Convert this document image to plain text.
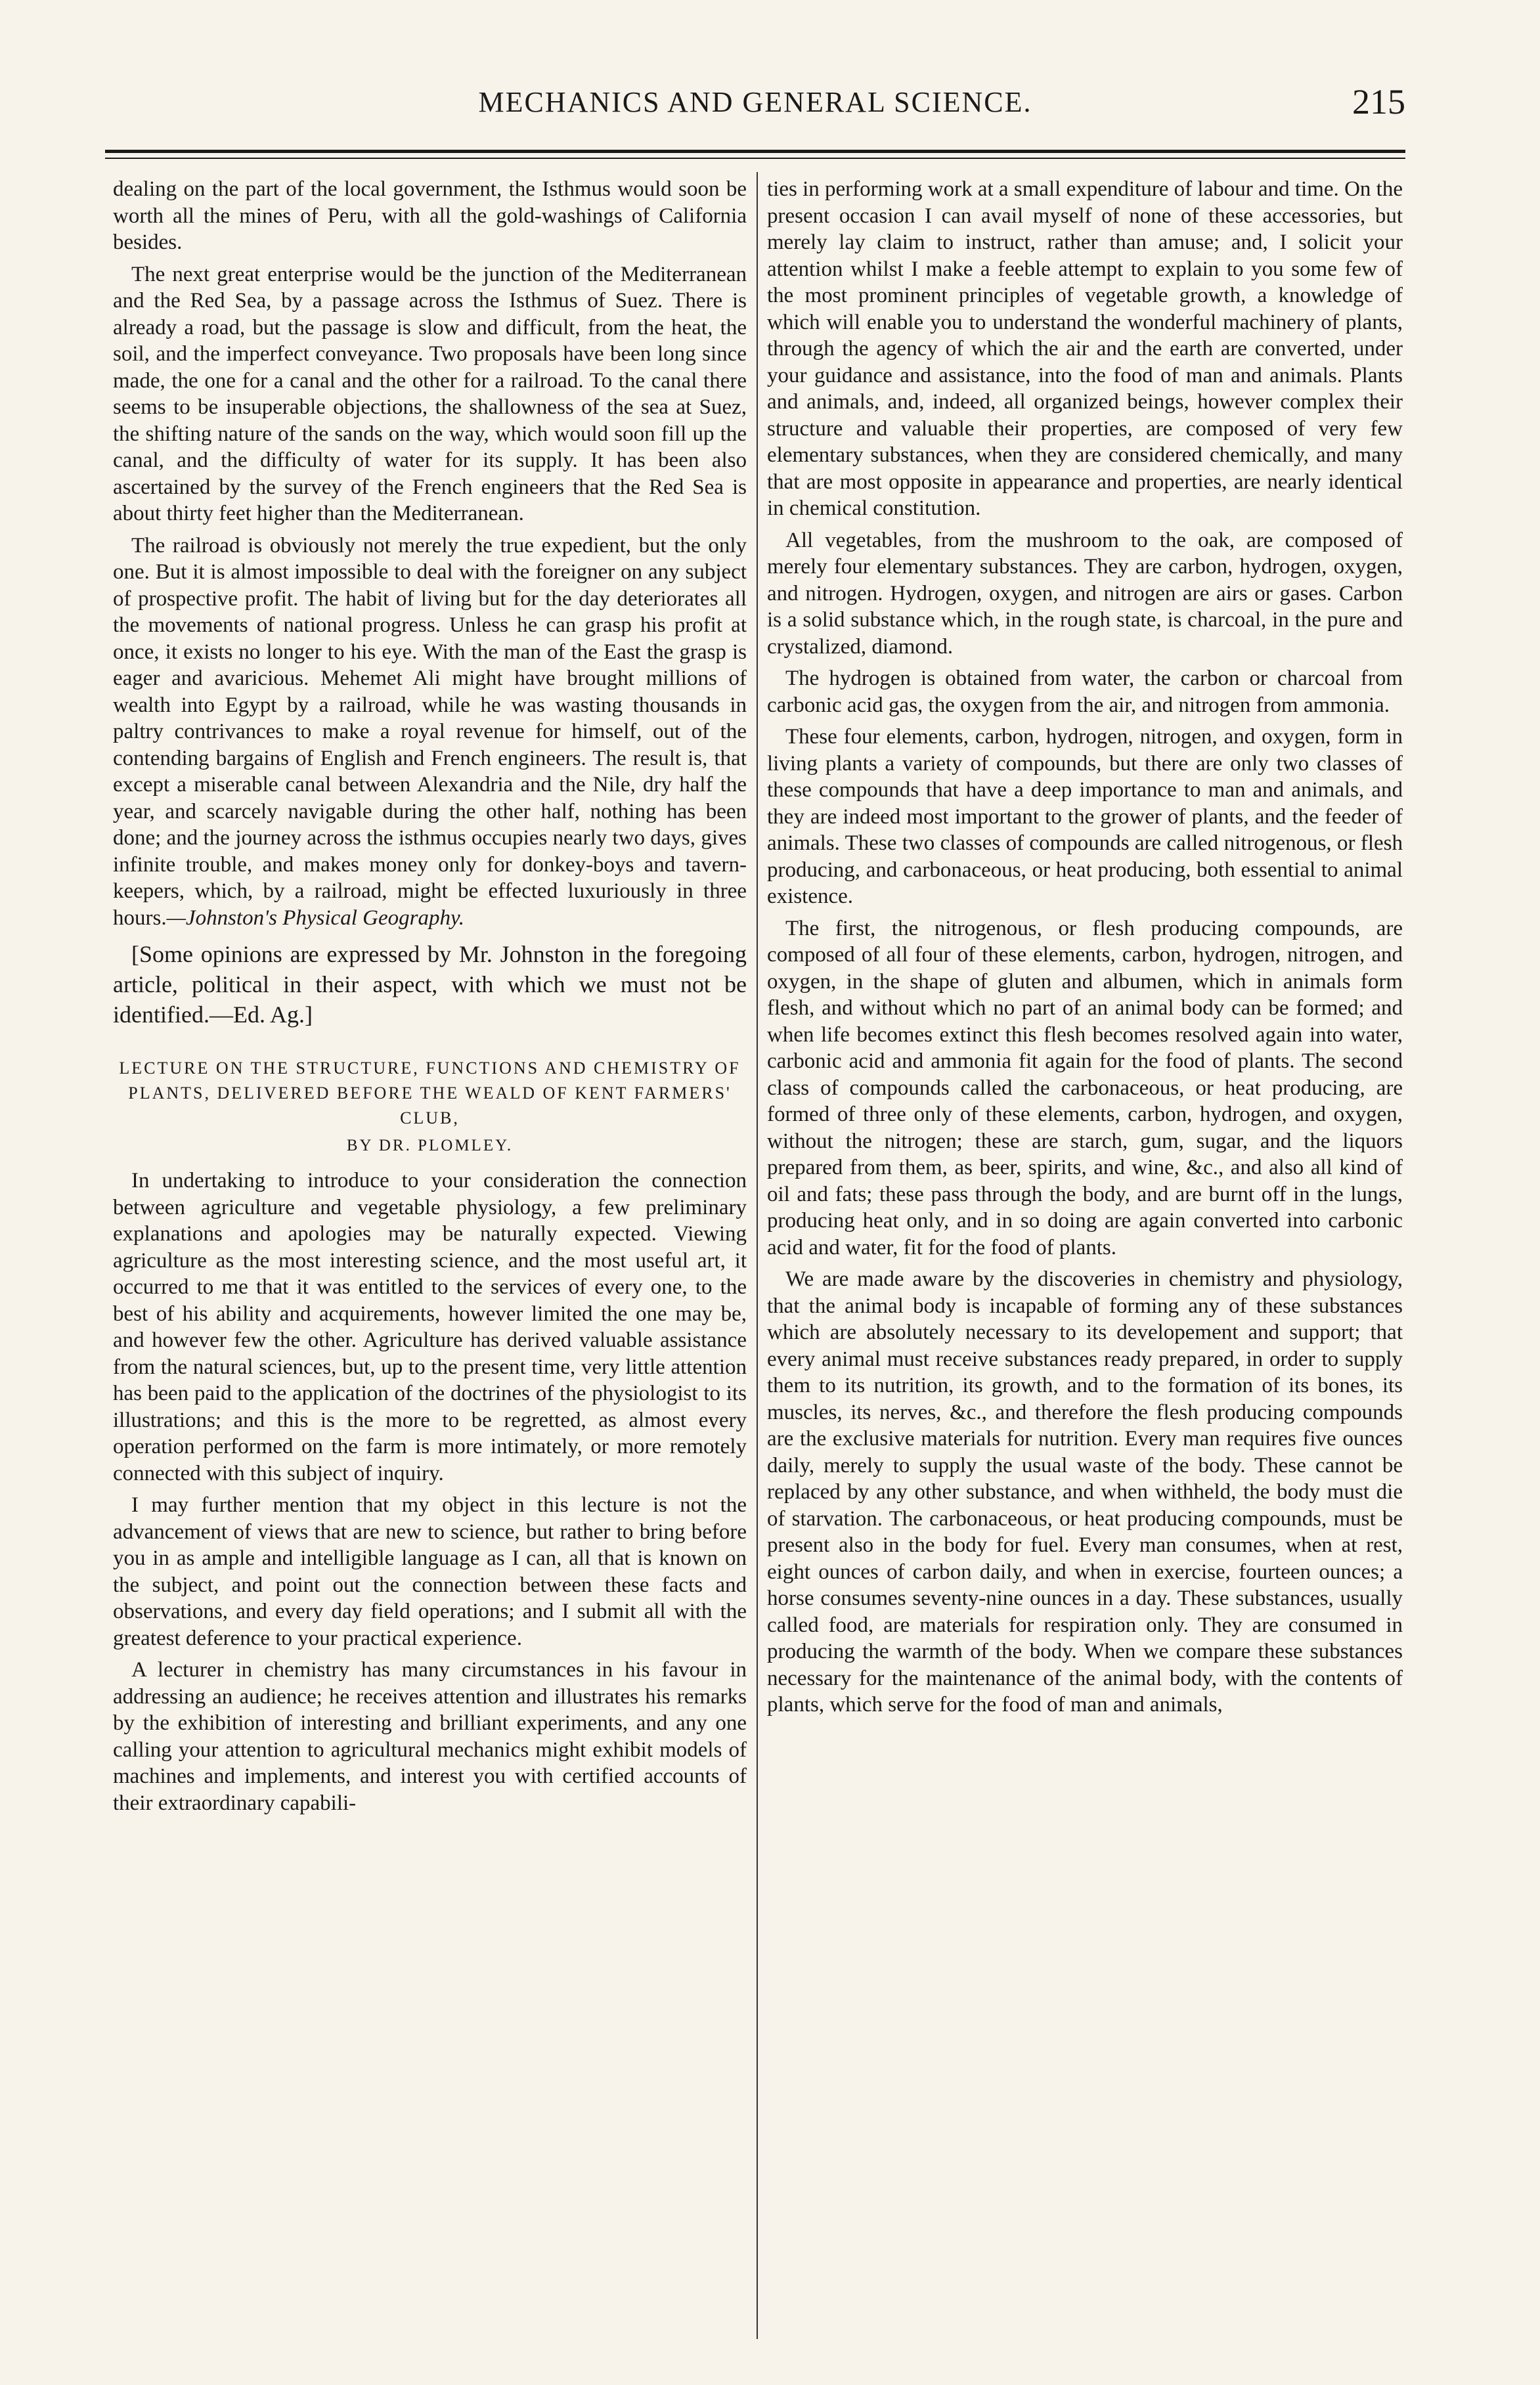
MECHANICS AND GENERAL SCIENCE.	215

dealing on the part of the local government, the Isthmus would soon be worth all the mines of Peru, with all the gold-washings of California besides.

The next great enterprise would be the junction of the Mediterranean and the Red Sea, by a passage across the Isthmus of Suez. There is already a road, but the passage is slow and difficult, from the heat, the soil, and the imperfect conveyance. Two proposals have been long since made, the one for a canal and the other for a railroad. To the canal there seems to be insuperable objections, the shallowness of the sea at Suez, the shifting nature of the sands on the way, which would soon fill up the canal, and the difficulty of water for its supply. It has been also ascertained by the survey of the French engineers that the Red Sea is about thirty feet higher than the Mediterranean.

The railroad is obviously not merely the true expedient, but the only one. But it is almost impossible to deal with the foreigner on any subject of prospective profit. The habit of living but for the day deteriorates all the movements of national progress. Unless he can grasp his profit at once, it exists no longer to his eye. With the man of the East the grasp is eager and avaricious. Mehemet Ali might have brought millions of wealth into Egypt by a railroad, while he was wasting thousands in paltry contrivances to make a royal revenue for himself, out of the contending bargains of English and French engineers. The result is, that except a miserable canal between Alexandria and the Nile, dry half the year, and scarcely navigable during the other half, nothing has been done; and the journey across the isthmus occupies nearly two days, gives infinite trouble, and makes money only for donkey-boys and tavern-keepers, which, by a railroad, might be effected luxuriously in three hours.—Johnston's Physical Geography.

[Some opinions are expressed by Mr. Johnston in the foregoing article, political in their aspect, with which we must not be identified.—Ed. Ag.]

LECTURE ON THE STRUCTURE, FUNCTIONS AND CHEMISTRY OF PLANTS, DELIVERED BEFORE THE WEALD OF KENT FARMERS' CLUB,
BY DR. PLOMLEY.

In undertaking to introduce to your consideration the connection between agriculture and vegetable physiology, a few preliminary explanations and apologies may be naturally expected. Viewing agriculture as the most interesting science, and the most useful art, it occurred to me that it was entitled to the services of every one, to the best of his ability and acquirements, however limited the one may be, and however few the other. Agriculture has derived valuable assistance from the natural sciences, but, up to the present time, very little attention has been paid to the application of the doctrines of the physiologist to its illustrations; and this is the more to be regretted, as almost every operation performed on the farm is more intimately, or more remotely connected with this subject of inquiry.

I may further mention that my object in this lecture is not the advancement of views that are new to science, but rather to bring before you in as ample and intelligible language as I can, all that is known on the subject, and point out the connection between these facts and observations, and every day field operations; and I submit all with the greatest deference to your practical experience.

A lecturer in chemistry has many circumstances in his favour in addressing an audience; he receives attention and illustrates his remarks by the exhibition of interesting and brilliant experiments, and any one calling your attention to agricultural mechanics might exhibit models of machines and implements, and interest you with certified accounts of their extraordinary capabili-

ties in performing work at a small expenditure of labour and time. On the present occasion I can avail myself of none of these accessories, but merely lay claim to instruct, rather than amuse; and, I solicit your attention whilst I make a feeble attempt to explain to you some few of the most prominent principles of vegetable growth, a knowledge of which will enable you to understand the wonderful machinery of plants, through the agency of which the air and the earth are converted, under your guidance and assistance, into the food of man and animals. Plants and animals, and, indeed, all organized beings, however complex their structure and valuable their properties, are composed of very few elementary substances, when they are considered chemically, and many that are most opposite in appearance and properties, are nearly identical in chemical constitution.

All vegetables, from the mushroom to the oak, are composed of merely four elementary substances. They are carbon, hydrogen, oxygen, and nitrogen. Hydrogen, oxygen, and nitrogen are airs or gases. Carbon is a solid substance which, in the rough state, is charcoal, in the pure and crystalized, diamond.

The hydrogen is obtained from water, the carbon or charcoal from carbonic acid gas, the oxygen from the air, and nitrogen from ammonia.

These four elements, carbon, hydrogen, nitrogen, and oxygen, form in living plants a variety of compounds, but there are only two classes of these compounds that have a deep importance to man and animals, and they are indeed most important to the grower of plants, and the feeder of animals. These two classes of compounds are called nitrogenous, or flesh producing, and carbonaceous, or heat producing, both essential to animal existence.

The first, the nitrogenous, or flesh producing compounds, are composed of all four of these elements, carbon, hydrogen, nitrogen, and oxygen, in the shape of gluten and albumen, which in animals form flesh, and without which no part of an animal body can be formed; and when life becomes extinct this flesh becomes resolved again into water, carbonic acid and ammonia fit again for the food of plants. The second class of compounds called the carbonaceous, or heat producing, are formed of three only of these elements, carbon, hydrogen, and oxygen, without the nitrogen; these are starch, gum, sugar, and the liquors prepared from them, as beer, spirits, and wine, &c., and also all kind of oil and fats; these pass through the body, and are burnt off in the lungs, producing heat only, and in so doing are again converted into carbonic acid and water, fit for the food of plants.

We are made aware by the discoveries in chemistry and physiology, that the animal body is incapable of forming any of these substances which are absolutely necessary to its developement and support; that every animal must receive substances ready prepared, in order to supply them to its nutrition, its growth, and to the formation of its bones, its muscles, its nerves, &c., and therefore the flesh producing compounds are the exclusive materials for nutrition. Every man requires five ounces daily, merely to supply the usual waste of the body. These cannot be replaced by any other substance, and when withheld, the body must die of starvation. The carbonaceous, or heat producing compounds, must be present also in the body for fuel. Every man consumes, when at rest, eight ounces of carbon daily, and when in exercise, fourteen ounces; a horse consumes seventy-nine ounces in a day. These substances, usually called food, are materials for respiration only. They are consumed in producing the warmth of the body. When we compare these substances necessary for the maintenance of the animal body, with the contents of plants, which serve for the food of man and animals,
